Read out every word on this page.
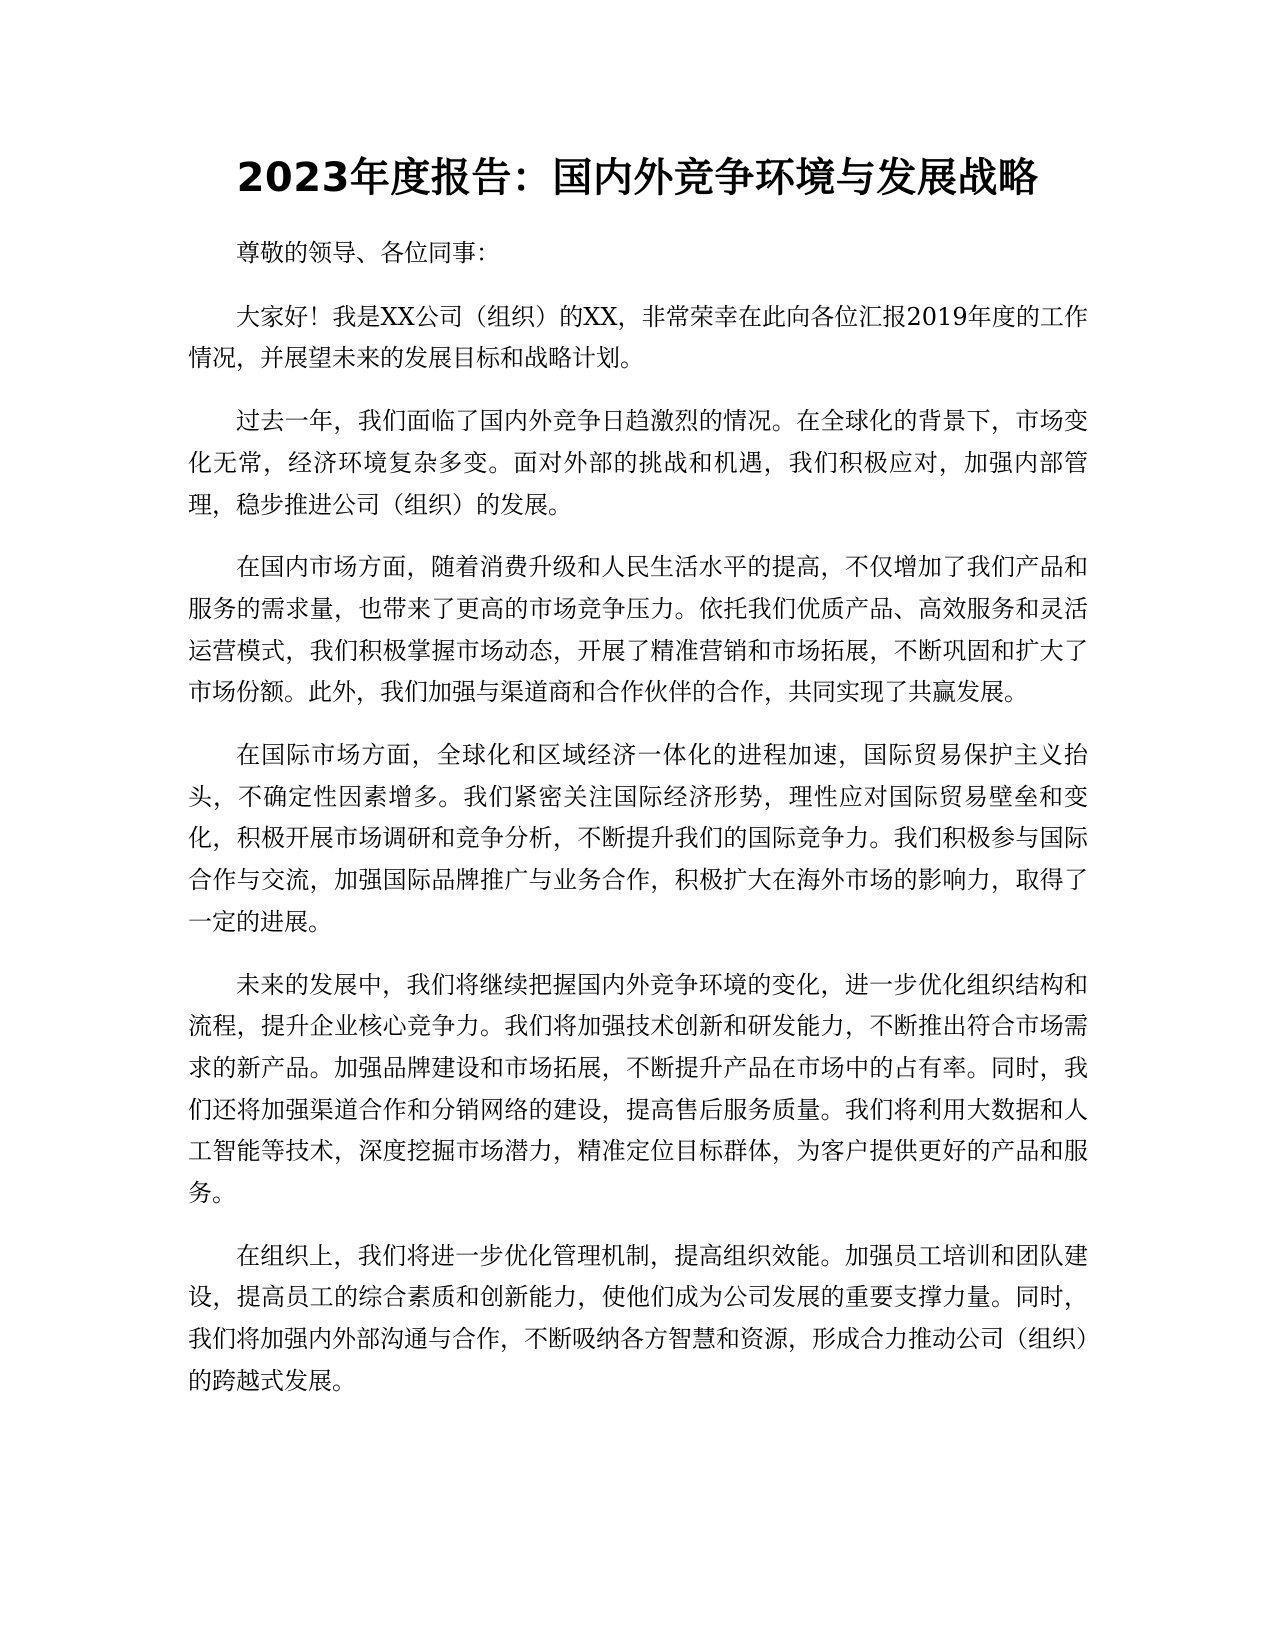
2023年度报告：国内外竞争环境与发展战略

尊敬的领导、各位同事：

大家好！我是XX公司（组织）的XX，非常荣幸在此向各位汇报2019年度的工作情况，并展望未来的发展目标和战略计划。

过去一年，我们面临了国内外竞争日趋激烈的情况。在全球化的背景下，市场变化无常，经济环境复杂多变。面对外部的挑战和机遇，我们积极应对，加强内部管理，稳步推进公司（组织）的发展。

在国内市场方面，随着消费升级和人民生活水平的提高，不仅增加了我们产品和服务的需求量，也带来了更高的市场竞争压力。依托我们优质产品、高效服务和灵活运营模式，我们积极掌握市场动态，开展了精准营销和市场拓展，不断巩固和扩大了市场份额。此外，我们加强与渠道商和合作伙伴的合作，共同实现了共赢发展。

在国际市场方面，全球化和区域经济一体化的进程加速，国际贸易保护主义抬头，不确定性因素增多。我们紧密关注国际经济形势，理性应对国际贸易壁垒和变化，积极开展市场调研和竞争分析，不断提升我们的国际竞争力。我们积极参与国际合作与交流，加强国际品牌推广与业务合作，积极扩大在海外市场的影响力，取得了一定的进展。

未来的发展中，我们将继续把握国内外竞争环境的变化，进一步优化组织结构和流程，提升企业核心竞争力。我们将加强技术创新和研发能力，不断推出符合市场需求的新产品。加强品牌建设和市场拓展，不断提升产品在市场中的占有率。同时，我们还将加强渠道合作和分销网络的建设，提高售后服务质量。我们将利用大数据和人工智能等技术，深度挖掘市场潜力，精准定位目标群体，为客户提供更好的产品和服务。

在组织上，我们将进一步优化管理机制，提高组织效能。加强员工培训和团队建设，提高员工的综合素质和创新能力，使他们成为公司发展的重要支撑力量。同时，我们将加强内外部沟通与合作，不断吸纳各方智慧和资源，形成合力推动公司（组织）的跨越式发展。
